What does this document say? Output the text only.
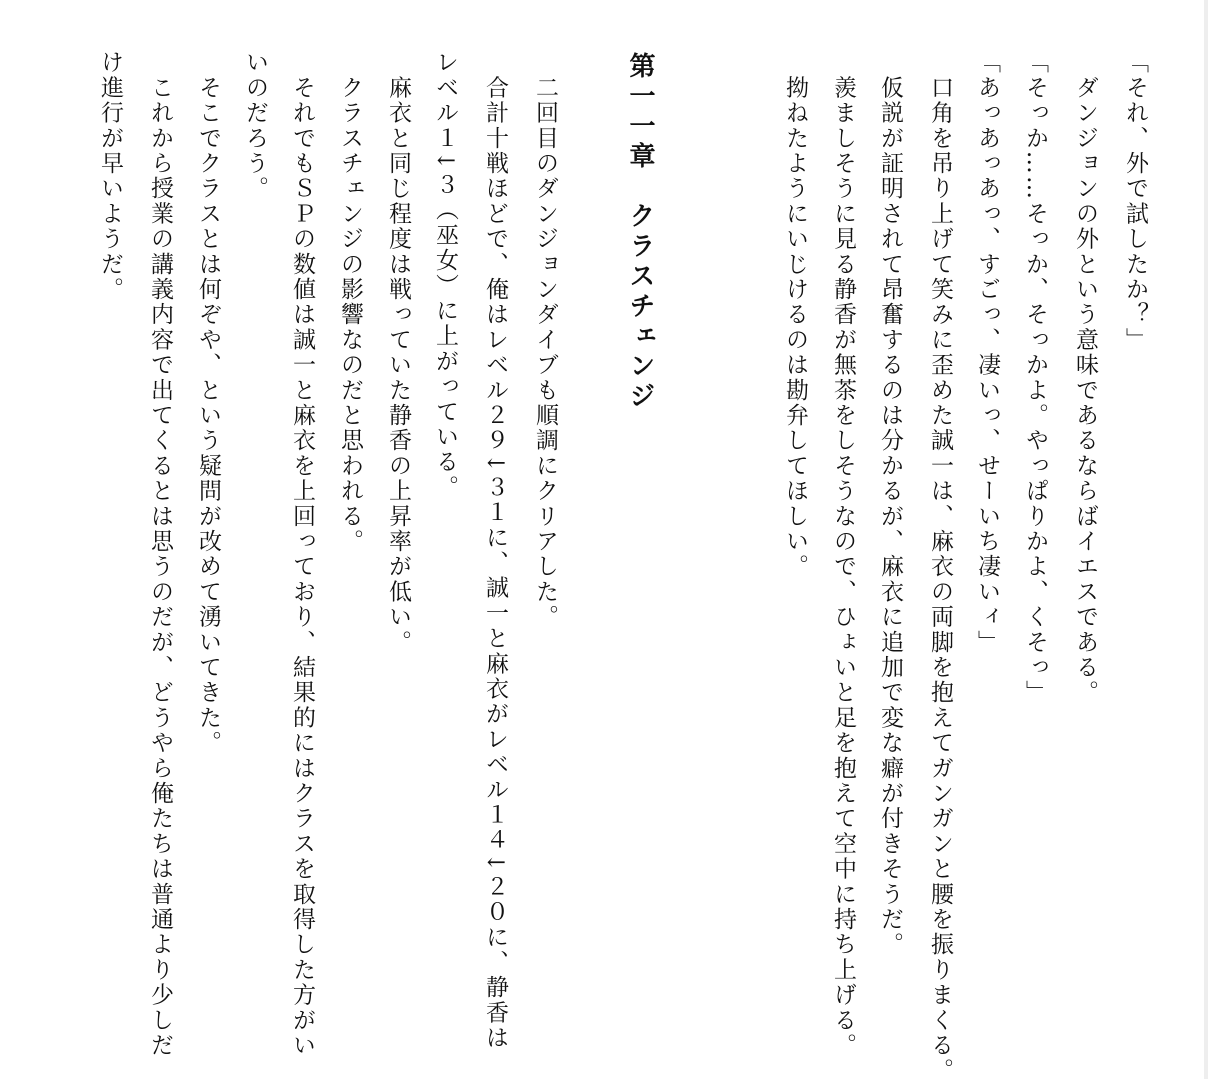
「それ、外で試したか？」
　ダンジョンの外という意味であるならばイエスである。
「そっか……そっか、そっかよ。やっぱりかよ、くそっ」
「あっあっあっ、すごっ、凄いっ、せーいち凄いィ」
　口角を吊り上げて笑みに歪めた誠一は、麻衣の両脚を抱えてガンガンと腰を振りまくる。
　仮説が証明されて昂奮するのは分かるが、麻衣に追加で変な癖が付きそうだ。
　羨ましそうに見る静香が無茶をしそうなので、ひょいと足を抱えて空中に持ち上げる。
　拗ねたようにいじけるのは勘弁してほしい。
第一一章　クラスチェンジ
　二回目のダンジョンダイブも順調にクリアした。
　合計十戦ほどで、俺はレベル２９↓３１に、誠一と麻衣がレベル１４↓２０に、静香は
レベル１↓３（巫女）に上がっている。
　麻衣と同じ程度は戦っていた静香の上昇率が低い。
　クラスチェンジの影響なのだと思われる。
　それでもＳＰの数値は誠一と麻衣を上回っており、結果的にはクラスを取得した方がい
いのだろう。
　そこでクラスとは何ぞや、という疑問が改めて湧いてきた。
　これから授業の講義内容で出てくるとは思うのだが、どうやら俺たちは普通より少しだ
け進行が早いようだ。
